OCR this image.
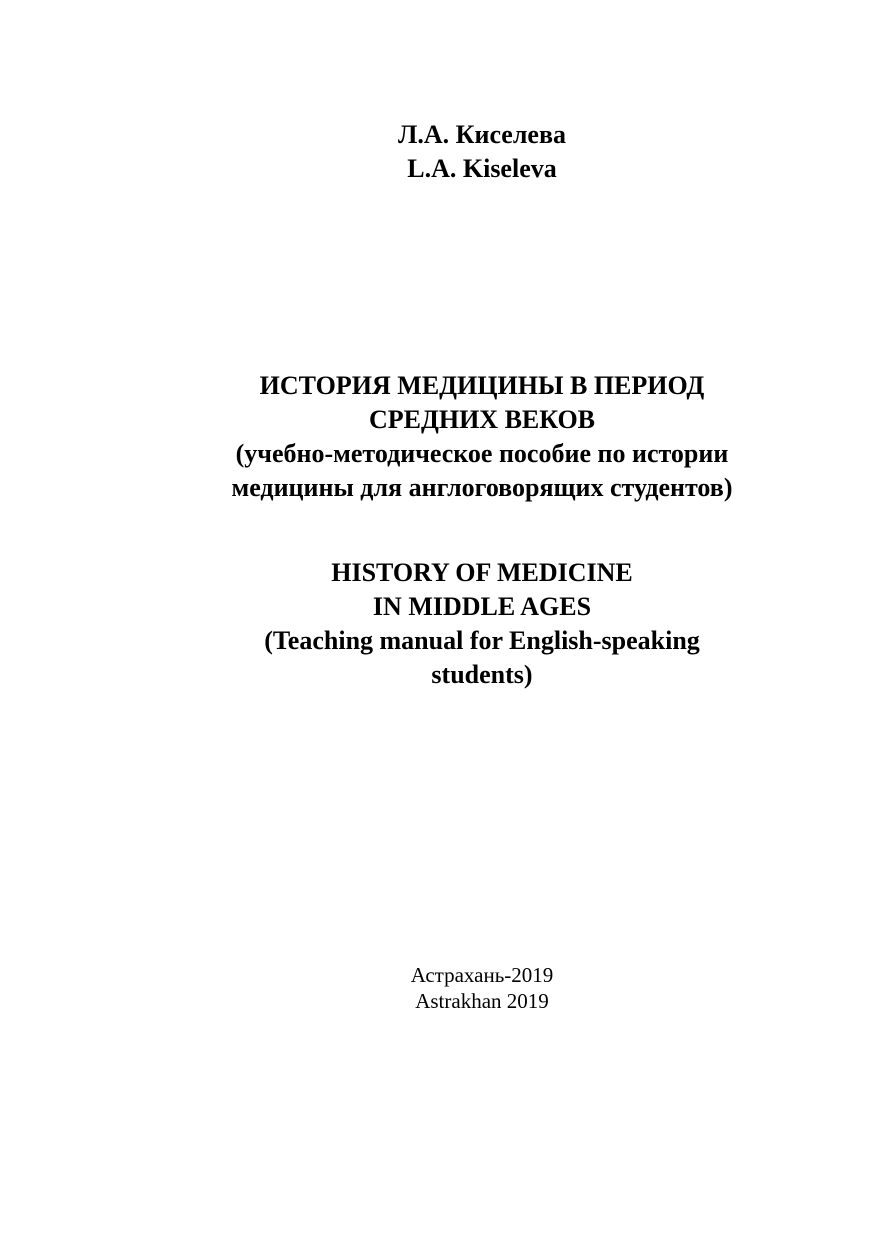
Л.А. Киселева
L.A. Kiseleva
ИСТОРИЯ МЕДИЦИНЫ В ПЕРИОД
СРЕДНИХ ВЕКОВ
(учебно-методическое пособие по истории
медицины для англоговорящих студентов)
HISTORY OF MEDICINE
IN MIDDLE AGES
(Teaching manual for English-speaking
students)
Астрахань-2019
Astrakhan 2019
